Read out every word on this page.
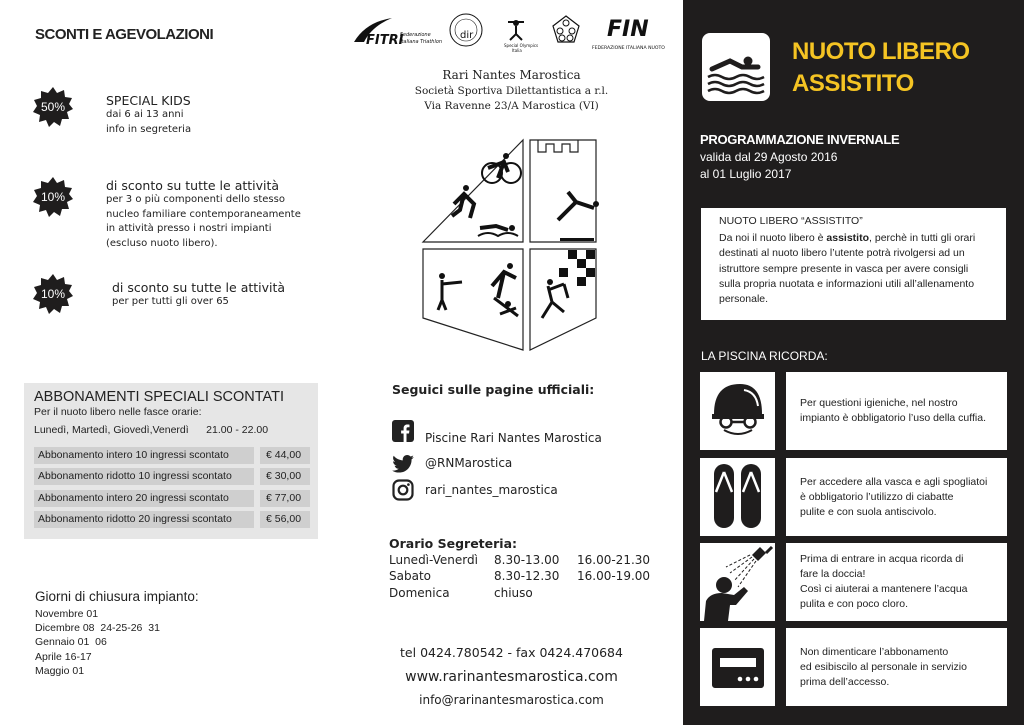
SCONTI E AGEVOLAZIONI
50%	SPECIAL KIDS
dai 6 ai 13 anni
info in segreteria
10%
di sconto su tutte le attività
per 3 o più componenti dello stesso
nucleo familiare contemporaneamente
in attività presso i nostri impianti
(escluso nuoto libero).
10%	di sconto su tutte le attività
per per tutti gli over 65
ABBONAMENTI SPECIALI SCONTATI
Per il nuoto libero nelle fasce orarie:
Lunedì, Martedì, Giovedì,Venerdì      21.00 - 22.00
Abbonamento intero 10 ingressi scontato	€ 44,00
Abbonamento ridotto 10 ingressi scontato	€ 30,00
Abbonamento intero 20 ingressi scontato	€ 77,00
Abbonamento ridotto 20 ingressi scontato	€ 56,00
Giorni di chiusura impianto:
Novembre 01
Dicembre 08  24-25-26  31
Gennaio 01  06
Aprile 16-17
Maggio 01
FITRI
Federazione
Italiana Triathlon
dir
Special Olympics
Italia
FIN
FEDERAZIONE ITALIANA NUOTO
Rari Nantes Marostica
Società Sportiva Dilettantistica a r.l.
Via Ravenne 23/A Marostica (VI)
Seguici sulle pagine ufficiali:
Piscine Rari Nantes Marostica
@RNMarostica
rari_nantes_marostica
Orario Segreteria:
Lunedì-Venerdì	8.30-13.00	16.00-21.30
Sabato	8.30-12.30	16.00-19.00
Domenica	chiuso	
tel 0424.780542 - fax 0424.470684
www.rarinantesmarostica.com
info@rarinantesmarostica.com
NUOTO LIBERO
ASSISTITO
PROGRAMMAZIONE INVERNALE
valida dal 29 Agosto 2016
al 01 Luglio 2017
NUOTO LIBERO “ASSISTITO”
Da noi il nuoto libero è assistito, perchè in tutti gli orari destinati al nuoto libero l’utente potrà rivolgersi ad un istruttore sempre presente in vasca per avere consigli sulla propria nuotata e informazioni utili all’allenamento personale.
LA PISCINA RICORDA:
Per questioni igieniche, nel nostro
impianto è obbligatorio l’uso della cuffia.
Per accedere alla vasca e agli spogliatoi
è obbligatorio l’utilizzo di ciabatte
pulite e con suola antiscivolo.
Prima di entrare in acqua ricorda di
fare la doccia!
Così ci aiuterai a mantenere l’acqua
pulita e con poco cloro.
Non dimenticare l’abbonamento
ed esibiscilo al personale in servizio
prima dell’accesso.
